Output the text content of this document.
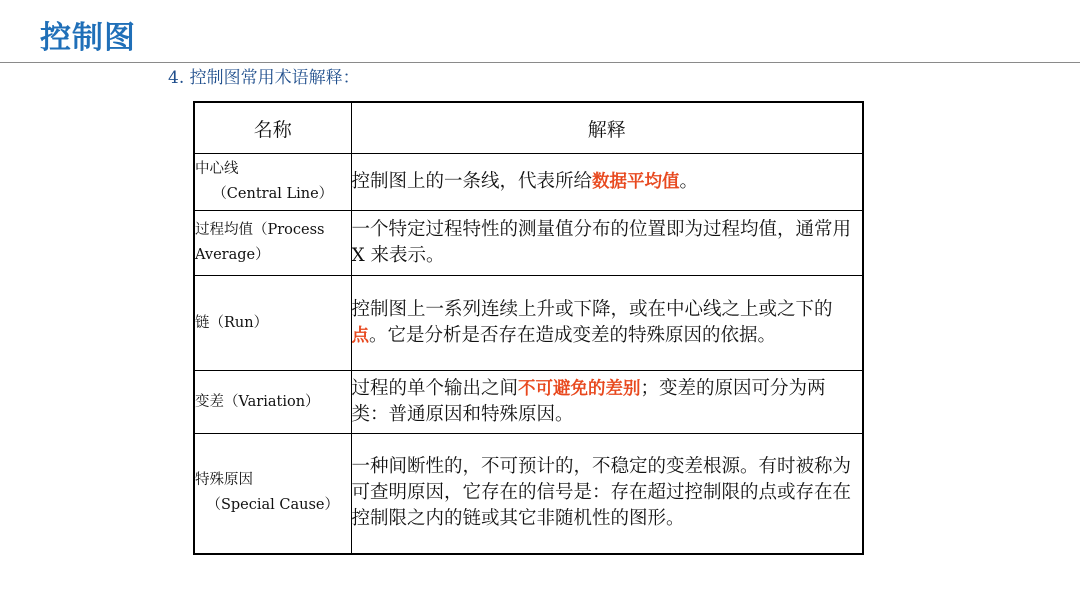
控制图
4. 控制图常用术语解释：
名称	解释

中心线
（Central Line）	控制图上的一条线，代表所给数据平均值。
过程均值（Process Average）	一个特定过程特性的测量值分布的位置即为过程均值，通常用 X 来表示。
链（Run）	控制图上一系列连续上升或下降，或在中心线之上或之下的点。它是分析是否存在造成变差的特殊原因的依据。
变差（Variation）	过程的单个输出之间不可避免的差别；变差的原因可分为两类：普通原因和特殊原因。

特殊原因
（Special Cause）	一种间断性的，不可预计的，不稳定的变差根源。有时被称为可查明原因，它存在的信号是：存在超过控制限的点或存在在控制限之内的链或其它非随机性的图形。
